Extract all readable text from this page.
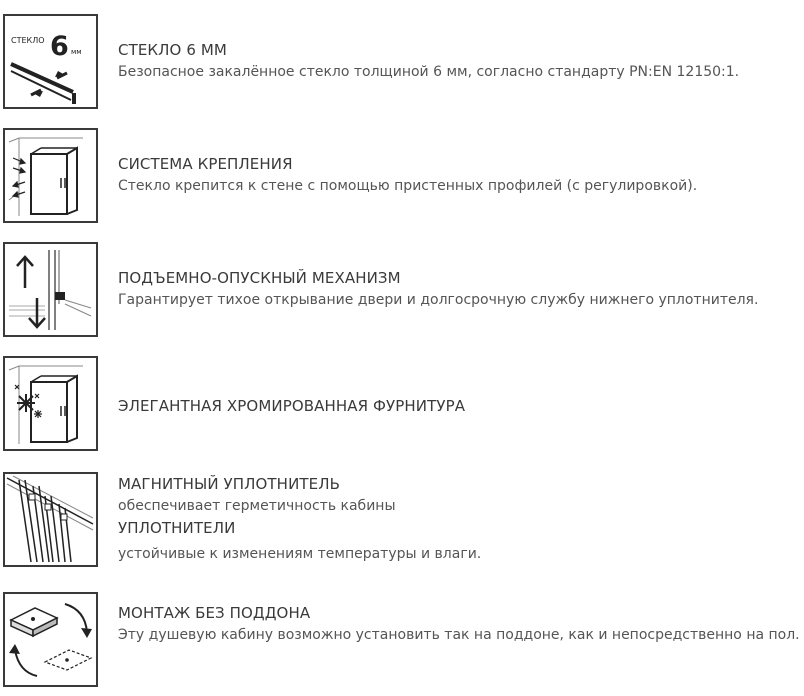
СТЕКЛО 6 мм СТЕКЛО 6 ММ
Безопасное закалённое стекло толщиной 6 мм, согласно стандарту PN:EN 12150:1.
СИСТЕМА КРЕПЛЕНИЯ
Стекло крепится к стене с помощью пристенных профилей (с регулировкой).
ПОДЪЕМНО-ОПУСКНЫЙ МЕХАНИЗМ
Гарантирует тихое открывание двери и долгосрочную службу нижнего уплотнителя.
ЭЛЕГАНТНАЯ ХРОМИРОВАННАЯ ФУРНИТУРА
МАГНИТНЫЙ УПЛОТНИТЕЛЬ
обеспечивает герметичность кабины
УПЛОТНИТЕЛИ
устойчивые к изменениям температуры и влаги.
МОНТАЖ БЕЗ ПОДДОНА
Эту душевую кабину возможно установить так на поддоне, как и непосредственно на пол.
